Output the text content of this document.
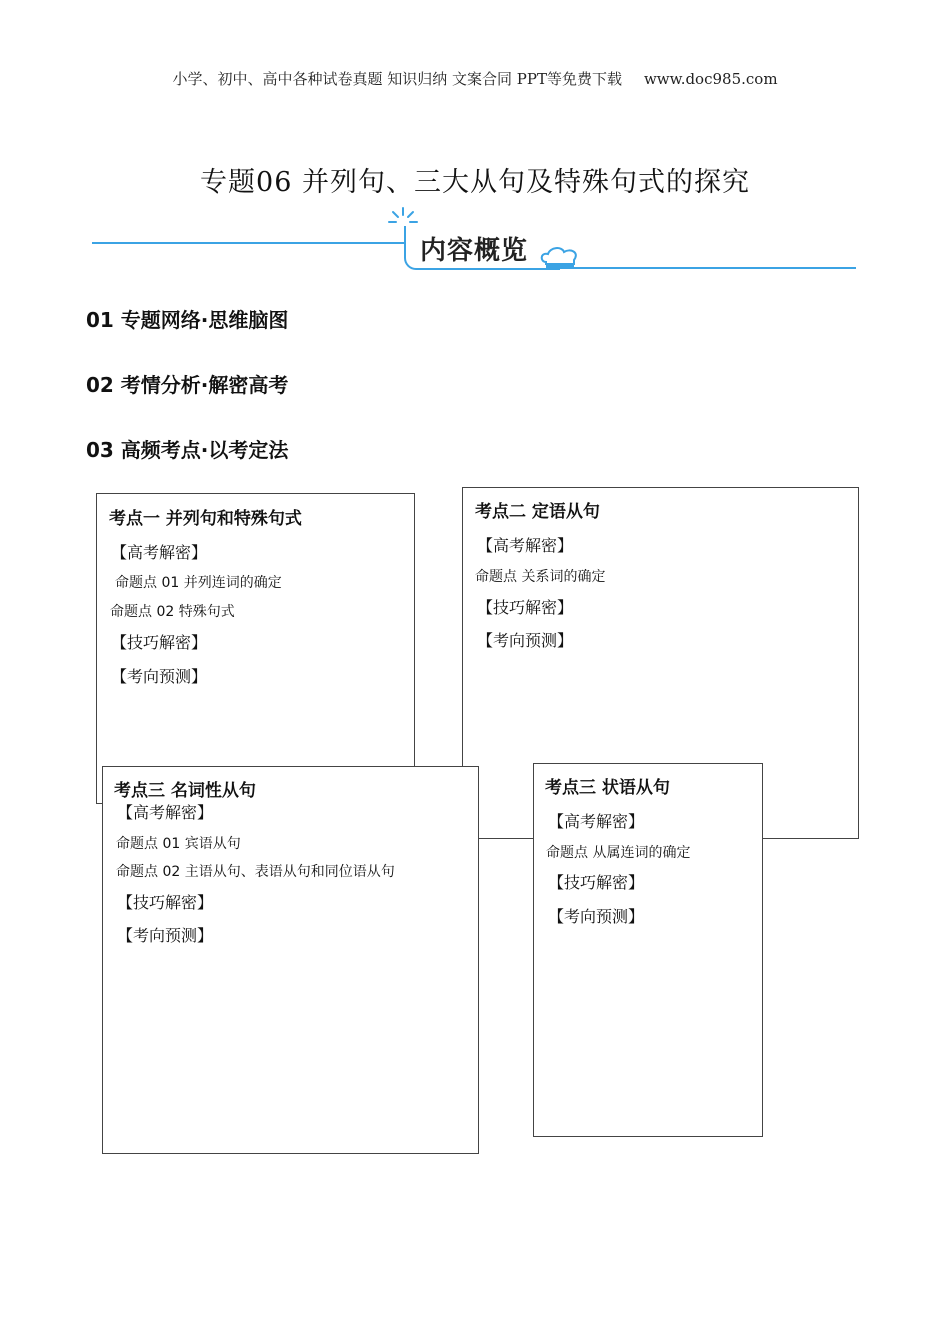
小学、初中、高中各种试卷真题 知识归纳 文案合同 PPT等免费下载 www.doc985.com
专题06 并列句、三大从句及特殊句式的探究
内容概览
01 专题网络·思维脑图
02 考情分析·解密高考
03 高频考点·以考定法
考点一 并列句和特殊句式
【高考解密】
命题点 01 并列连词的确定
命题点 02 特殊句式
【技巧解密】
【考向预测】
考点二 定语从句
【高考解密】
命题点 关系词的确定
【技巧解密】
【考向预测】
考点三 名词性从句
【高考解密】
命题点 01 宾语从句
命题点 02 主语从句、表语从句和同位语从句
【技巧解密】
【考向预测】
考点三 状语从句
【高考解密】
命题点 从属连词的确定
【技巧解密】
【考向预测】
